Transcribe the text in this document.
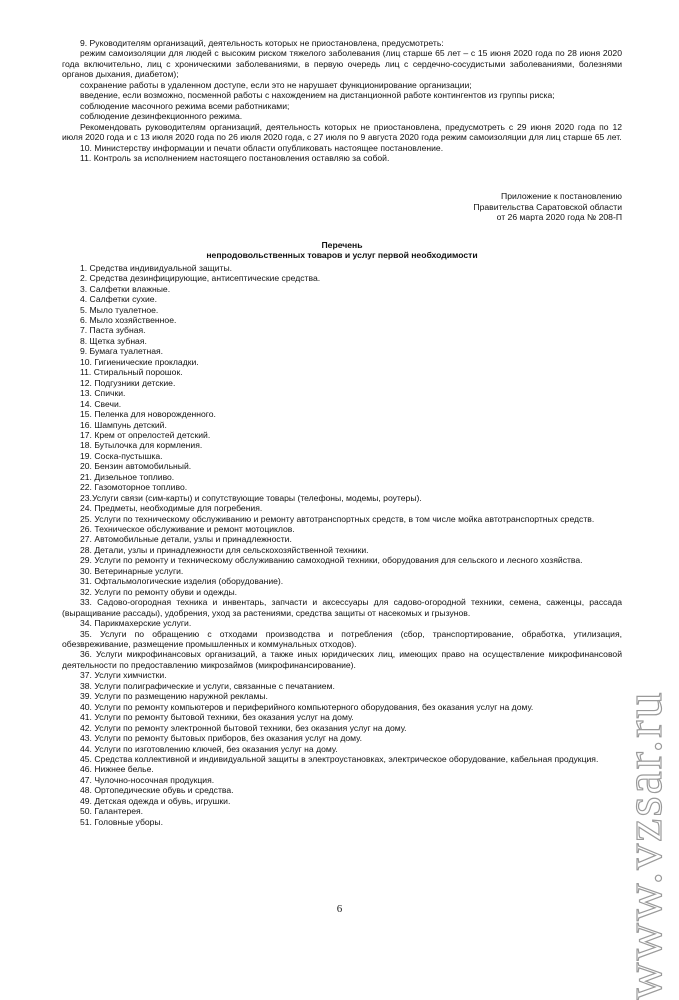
9. Руководителям организаций, деятельность которых не приостановлена, предусмотреть:

режим самоизоляции для людей с высоким риском тяжелого заболевания (лиц старше 65 лет – с 15 июня 2020 года по 28 июня 2020 года включительно, лиц с хроническими заболеваниями, в первую очередь лиц с сердечно-сосудистыми заболеваниями, болезнями органов дыхания, диабетом);

сохранение работы в удаленном доступе, если это не нарушает функционирование организации;

введение, если возможно, посменной работы с нахождением на дистанционной работе контингентов из группы риска;

соблюдение масочного режима всеми работниками;

соблюдение дезинфекционного режима.

Рекомендовать руководителям организаций, деятельность которых не приостановлена, предусмотреть с 29 июня 2020 года по 12 июля 2020 года и с 13 июля 2020 года по 26 июля 2020 года, с 27 июля по 9 августа 2020 года режим самоизоляции для лиц старше 65 лет.

10. Министерству информации и печати области опубликовать настоящее постановление.

11. Контроль за исполнением настоящего постановления оставляю за собой.

Приложение к постановлению

Правительства Саратовской области

от 26 марта 2020 года № 208-П

Перечень

непродовольственных товаров и услуг первой необходимости

1. Средства индивидуальной защиты.

2. Средства дезинфицирующие, антисептические средства.

3. Салфетки влажные.

4. Салфетки сухие.

5. Мыло туалетное.

6. Мыло хозяйственное.

7. Паста зубная.

8. Щетка зубная.

9. Бумага туалетная.

10. Гигиенические прокладки.

11. Стиральный порошок.

12. Подгузники детские.

13. Спички.

14. Свечи.

15. Пеленка для новорожденного.

16. Шампунь детский.

17. Крем от опрелостей детский.

18. Бутылочка для кормления.

19. Соска-пустышка.

20. Бензин автомобильный.

21. Дизельное топливо.

22. Газомоторное топливо.

23.Услуги связи (сим-карты) и сопутствующие товары (телефоны, модемы, роутеры).

24. Предметы, необходимые для погребения.

25. Услуги по техническому обслуживанию и ремонту автотранспортных средств, в том числе мойка автотранспортных средств.

26. Техническое обслуживание и ремонт мотоциклов.

27. Автомобильные детали, узлы и принадлежности.

28. Детали, узлы и принадлежности для сельскохозяйственной техники.

29. Услуги по ремонту и техническому обслуживанию самоходной техники, оборудования для сельского и лесного хозяйства.

30. Ветеринарные услуги.

31. Офтальмологические изделия (оборудование).

32. Услуги по ремонту обуви и одежды.

33. Садово-огородная техника и инвентарь, запчасти и аксессуары для садово-огородной техники, семена, саженцы, рассада (выращивание рассады), удобрения, уход за растениями, средства защиты от насекомых и грызунов.

34. Парикмахерские услуги.

35. Услуги по обращению с отходами производства и потребления (сбор, транспортирование, обработка, утилизация, обезвреживание, размещение промышленных и коммунальных отходов).

36. Услуги микрофинансовых организаций, а также иных юридических лиц, имеющих право на осуществление микрофинансовой деятельности по предоставлению микрозаймов (микрофинансирование).

37. Услуги химчистки.

38. Услуги полиграфические и услуги, связанные с печатанием.

39. Услуги по размещению наружной рекламы.

40. Услуги по ремонту компьютеров и периферийного компьютерного оборудования, без оказания услуг на дому.

41. Услуги по ремонту бытовой техники, без оказания услуг на дому.

42. Услуги по ремонту электронной бытовой техники, без оказания услуг на дому.

43. Услуги по ремонту бытовых приборов, без оказания услуг на дому.

44. Услуги по изготовлению ключей, без оказания услуг на дому.

45. Средства коллективной и индивидуальной защиты в электроустановках, электрическое оборудование, кабельная продукция.

46. Нижнее белье.

47. Чулочно-носочная продукция.

48. Ортопедические обувь и средства.

49. Детская одежда и обувь, игрушки.

50. Галантерея.

51. Головные уборы.

6	www.vzsar.ru
